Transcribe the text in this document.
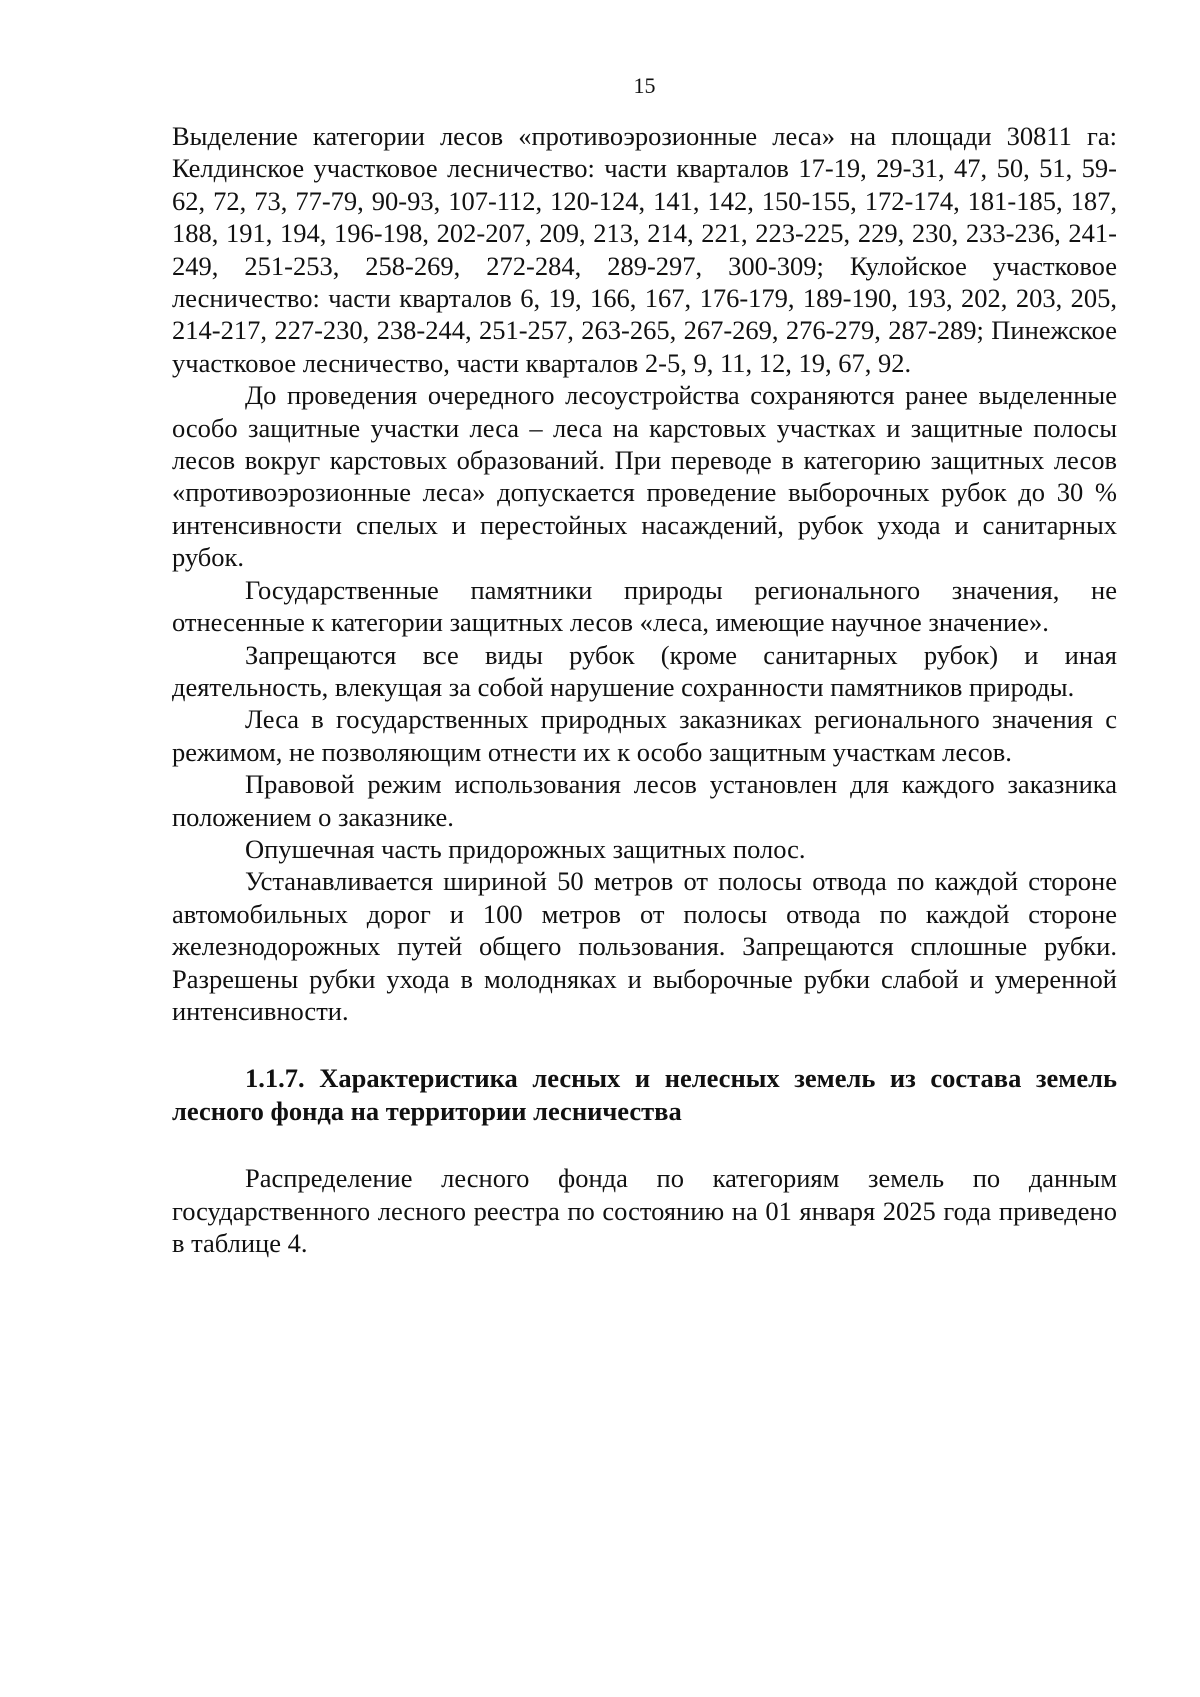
15

Выделение категории лесов «противоэрозионные леса» на площади 30811 га: Келдинское участковое лесничество: части кварталов 17-19, 29-31, 47, 50, 51, 59-62, 72, 73, 77-79, 90-93, 107-112, 120-124, 141, 142, 150-155, 172-174, 181-185, 187, 188, 191, 194, 196-198, 202-207, 209, 213, 214, 221, 223-225, 229, 230, 233-236, 241-249, 251-253, 258-269, 272-284, 289-297, 300-309; Кулойское участковое лесничество: части кварталов 6, 19, 166, 167, 176-179, 189-190, 193, 202, 203, 205, 214-217, 227-230, 238-244, 251-257, 263-265, 267-269, 276-279, 287-289; Пинежское участковое лесничество, части кварталов 2-5, 9, 11, 12, 19, 67, 92.

До проведения очередного лесоустройства сохраняются ранее выделенные особо защитные участки леса – леса на карстовых участках и защитные полосы лесов вокруг карстовых образований. При переводе в категорию защитных лесов «противоэрозионные леса» допускается проведение выборочных рубок до 30 % интенсивности спелых и перестойных насаждений, рубок ухода и санитарных рубок.

Государственные памятники природы регионального значения, не отнесенные к категории защитных лесов «леса, имеющие научное значение».

Запрещаются все виды рубок (кроме санитарных рубок) и иная деятельность, влекущая за собой нарушение сохранности памятников природы.

Леса в государственных природных заказниках регионального значения с режимом, не позволяющим отнести их к особо защитным участкам лесов.

Правовой режим использования лесов установлен для каждого заказника положением о заказнике.

Опушечная часть придорожных защитных полос.

Устанавливается шириной 50 метров от полосы отвода по каждой стороне автомобильных дорог и 100 метров от полосы отвода по каждой стороне железнодорожных путей общего пользования. Запрещаются сплошные рубки. Разрешены рубки ухода в молодняках и выборочные рубки слабой и умеренной интенсивности.

1.1.7. Характеристика лесных и нелесных земель из состава земель лесного фонда на территории лесничества

Распределение лесного фонда по категориям земель по данным государственного лесного реестра по состоянию на 01 января 2025 года приведено в таблице 4.
